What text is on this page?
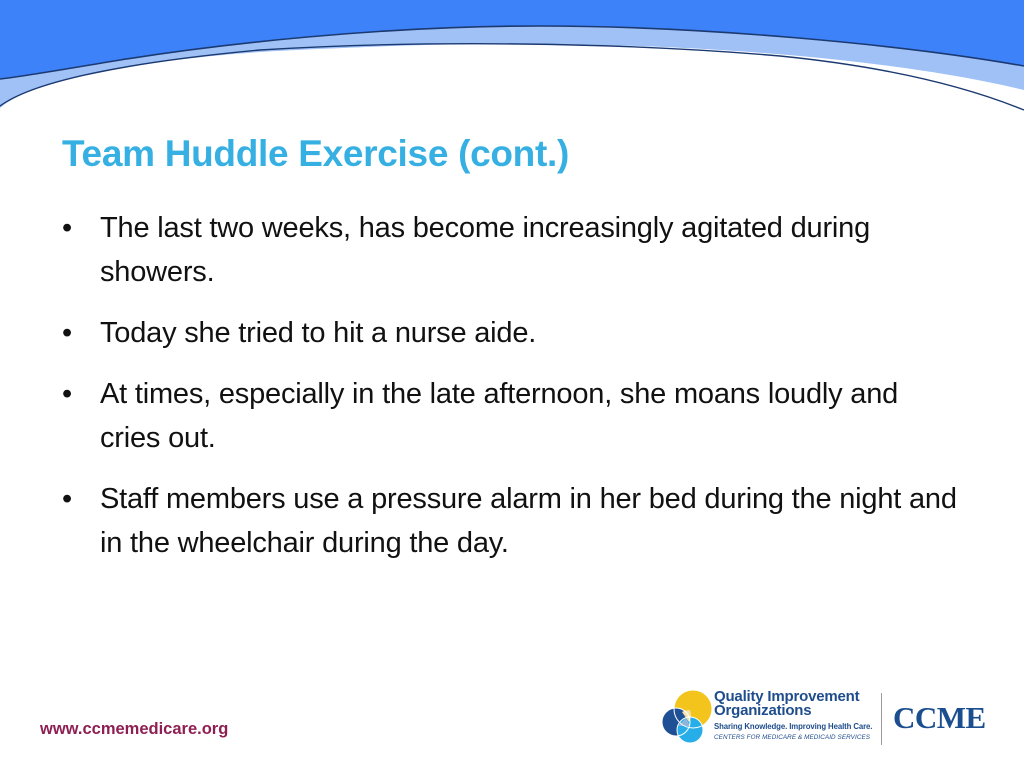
Team Huddle Exercise (cont.)
• The last two weeks, has become increasingly agitated during showers.
• Today she tried to hit a nurse aide.
• At times, especially in the late afternoon, she moans loudly and cries out.
• Staff members use a pressure alarm in her bed during the night and in the wheelchair during the day.
www.ccmemedicare.org
Quality Improvement
Organizations
Sharing Knowledge. Improving Health Care.
CENTERS FOR MEDICARE & MEDICAID SERVICES
CCME
